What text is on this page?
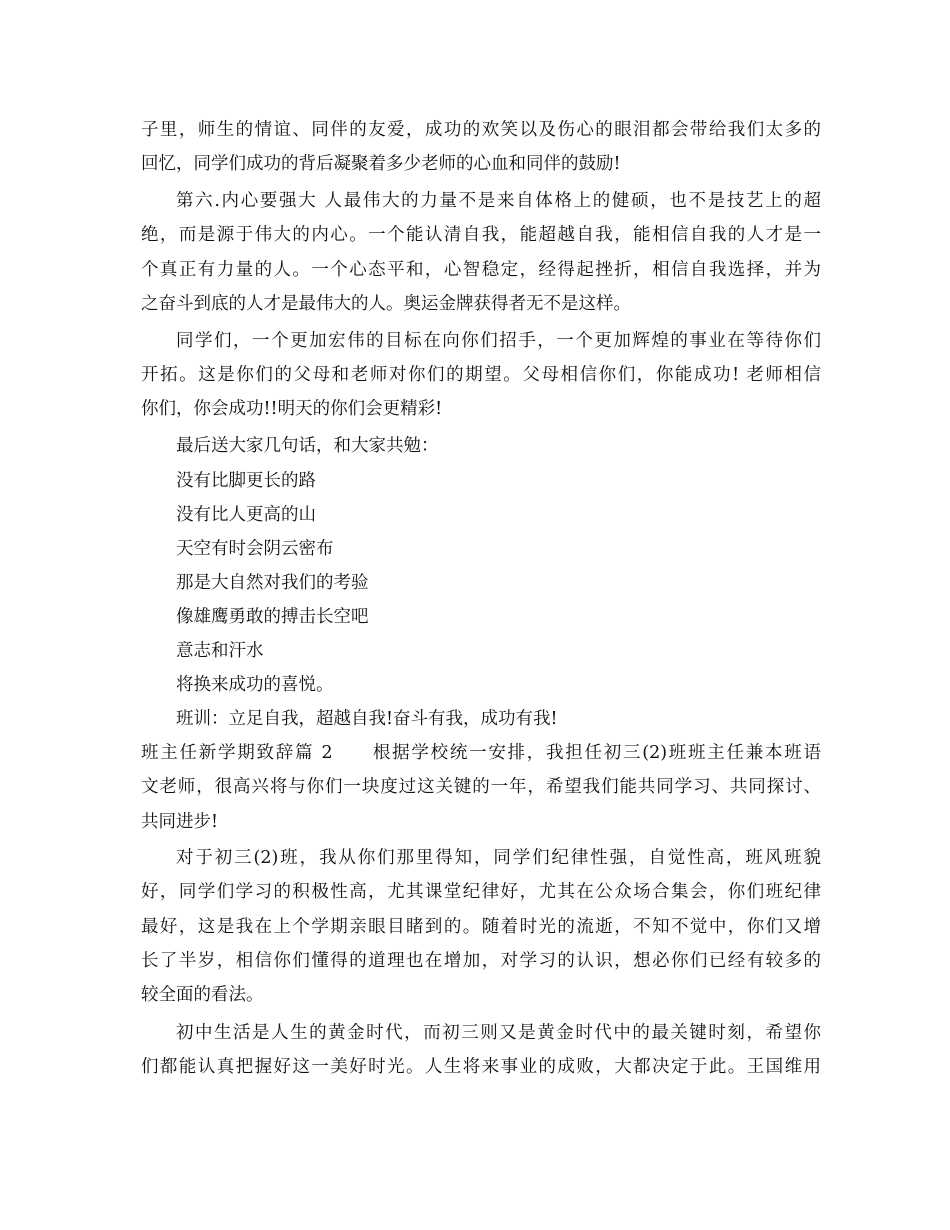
子里，师生的情谊、同伴的友爱，成功的欢笑以及伤心的眼泪都会带给我们太多的
回忆，同学们成功的背后凝聚着多少老师的心血和同伴的鼓励!
第六.内心要强大 人最伟大的力量不是来自体格上的健硕，也不是技艺上的超
绝，而是源于伟大的内心。一个能认清自我，能超越自我，能相信自我的人才是一
个真正有力量的人。一个心态平和，心智稳定，经得起挫折，相信自我选择，并为
之奋斗到底的人才是最伟大的人。奥运金牌获得者无不是这样。
同学们，一个更加宏伟的目标在向你们招手，一个更加辉煌的事业在等待你们
开拓。这是你们的父母和老师对你们的期望。父母相信你们，你能成功! 老师相信
你们，你会成功!!明天的你们会更精彩!
最后送大家几句话，和大家共勉：
没有比脚更长的路
没有比人更高的山
天空有时会阴云密布
那是大自然对我们的考验
像雄鹰勇敢的搏击长空吧
意志和汗水
将换来成功的喜悦。
班训：立足自我，超越自我!奋斗有我，成功有我!
班主任新学期致辞篇 2　　根据学校统一安排，我担任初三(2)班班主任兼本班语
文老师，很高兴将与你们一块度过这关键的一年，希望我们能共同学习、共同探讨、
共同进步!
对于初三(2)班，我从你们那里得知，同学们纪律性强，自觉性高，班风班貌
好，同学们学习的积极性高，尤其课堂纪律好，尤其在公众场合集会，你们班纪律
最好，这是我在上个学期亲眼目睹到的。随着时光的流逝，不知不觉中，你们又增
长了半岁，相信你们懂得的道理也在增加，对学习的认识，想必你们已经有较多的
较全面的看法。
初中生活是人生的黄金时代，而初三则又是黄金时代中的最关键时刻，希望你
们都能认真把握好这一美好时光。人生将来事业的成败，大都决定于此。王国维用
